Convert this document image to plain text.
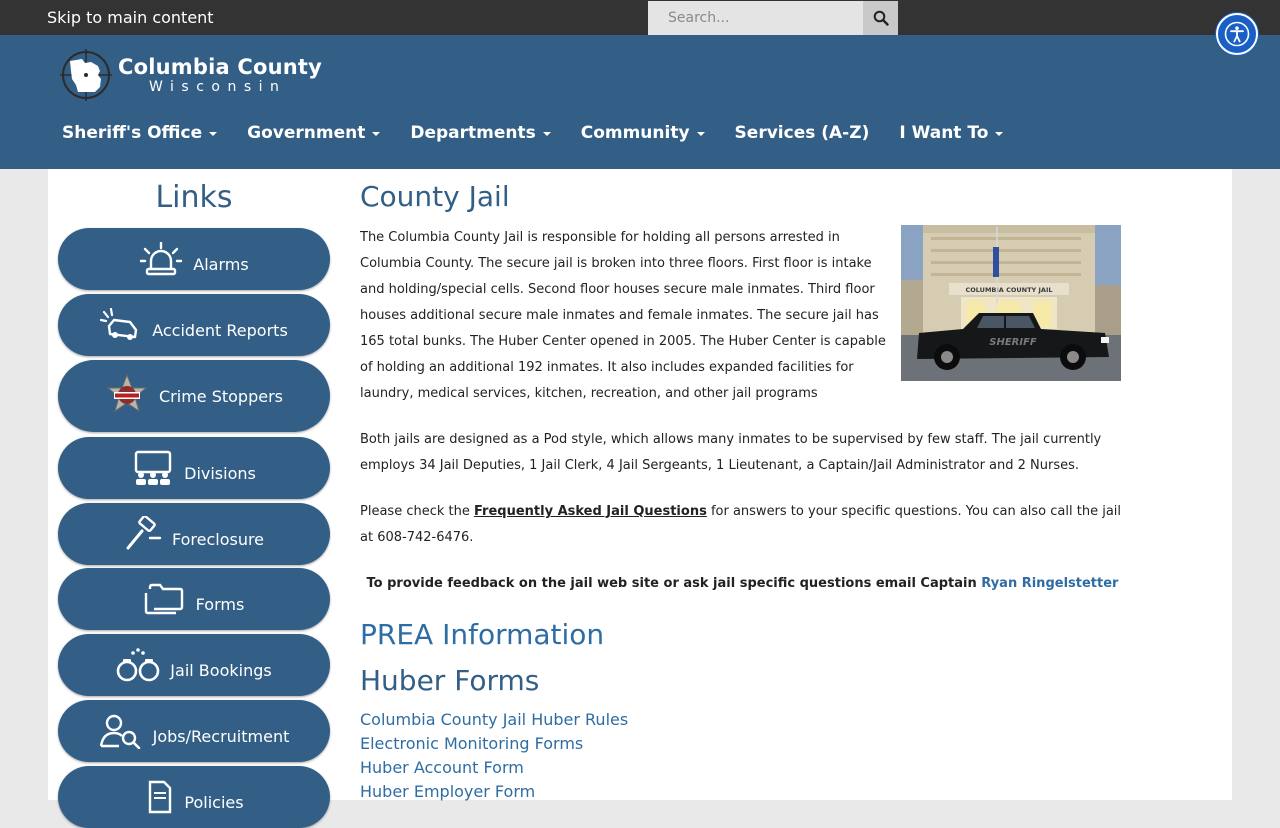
Skip to main content
Search...
Columbia County
Wisconsin
Sheriff's Office	Government	Departments	Community	Services (A-Z) I Want To
Links
Alarms
Accident Reports
Crime Stoppers
Divisions
Foreclosure
Forms
Jail Bookings
Jobs/Recruitment
Policies
County Jail

The Columbia County Jail is responsible for holding all persons arrested in Columbia County. The secure jail is broken into three floors. First floor is intake and holding/special cells. Second floor houses secure male inmates. Third floor houses additional secure male inmates and female inmates. The secure jail has 165 total bunks. The Huber Center opened in 2005. The Huber Center is capable of holding an additional 192 inmates. It also includes expanded facilities for laundry, medical services, kitchen, recreation, and other jail programs

COLUMBIA COUNTY JAIL
SHERIFF

Both jails are designed as a Pod style, which allows many inmates to be supervised by few staff. The jail currently employs 34 Jail Deputies, 1 Jail Clerk, 4 Jail Sergeants, 1 Lieutenant, a Captain/Jail Administrator and 2 Nurses.

Please check the Frequently Asked Jail Questions for answers to your specific questions. You can also call the jail at 608-742-6476.

To provide feedback on the jail web site or ask jail specific questions email Captain Ryan Ringelstetter
PREA Information
Huber Forms
Columbia County Jail Huber Rules
Electronic Monitoring Forms
Huber Account Form
Huber Employer Form
